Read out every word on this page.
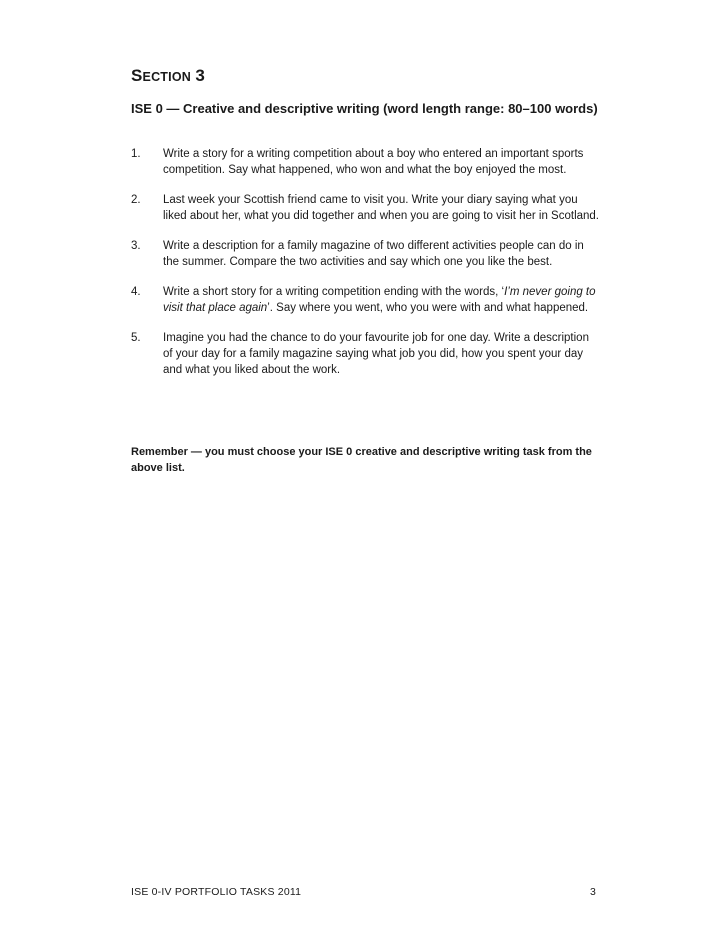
SECTION 3
ISE 0 — Creative and descriptive writing (word length range: 80–100 words)
1.	Write a story for a writing competition about a boy who entered an important sports competition. Say what happened, who won and what the boy enjoyed the most.
2.	Last week your Scottish friend came to visit you. Write your diary saying what you liked about her, what you did together and when you are going to visit her in Scotland.
3.	Write a description for a family magazine of two different activities people can do in the summer. Compare the two activities and say which one you like the best.
4.	Write a short story for a writing competition ending with the words, ‘I’m never going to visit that place again’. Say where you went, who you were with and what happened.
5.	Imagine you had the chance to do your favourite job for one day. Write a description of your day for a family magazine saying what job you did, how you spent your day and what you liked about the work.
Remember — you must choose your ISE 0 creative and descriptive writing task from the above list.
ISE 0-IV PORTFOLIO TASKS 2011	3
